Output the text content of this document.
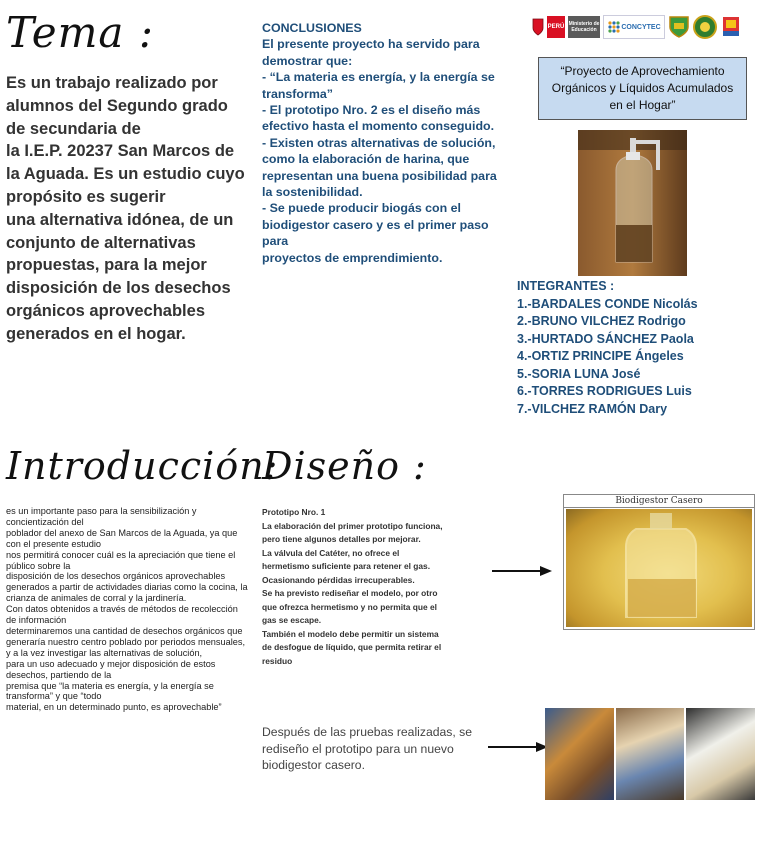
Tema :

Es un trabajo realizado por alumnos del Segundo grado de secundaria de
la I.E.P. 20237 San Marcos de la Aguada. Es un estudio cuyo propósito es sugerir
una alternativa idónea, de un conjunto de alternativas propuestas, para la mejor disposición de los desechos orgánicos aprovechables generados en el hogar.

CONCLUSIONES
El presente proyecto ha servido para demostrar que:
- “La materia es energía, y la energía se transforma”
- El prototipo Nro. 2 es el diseño más efectivo hasta el momento conseguido.
- Existen otras alternativas de solución, como la elaboración de harina, que representan una buena posibilidad para la sostenibilidad.
- Se puede producir biogás con el biodigestor casero y es el primer paso para
proyectos de emprendimiento.
PERÚ Ministerio de Educación	CONCYTEC
“Proyecto de Aprovechamiento Orgánicos y Líquidos Acumulados en el Hogar”
INTEGRANTES :
1.-BARDALES CONDE Nicolás
2.-BRUNO VILCHEZ Rodrigo
3.-HURTADO SÁNCHEZ Paola
4.-ORTIZ PRINCIPE Ángeles
5.-SORIA LUNA José
6.-TORRES RODRIGUES Luis
7.-VILCHEZ RAMÓN Dary
Introducción:

es un importante paso para la sensibilización y concientización del
poblador del anexo de San Marcos de la Aguada, ya que con el presente estudio
nos permitirá conocer cuál es la apreciación que tiene el público sobre la
disposición de los desechos orgánicos aprovechables generados a partir de actividades diarias como la cocina, la crianza de animales de corral y la jardinería.
Con datos obtenidos a través de métodos de recolección de información
determinaremos una cantidad de desechos orgánicos que generaría nuestro centro poblado por periodos mensuales, y a la vez investigar las alternativas de solución,
para un uso adecuado y mejor disposición de estos desechos, partiendo de la
premisa que “la materia es energía, y la energía se transforma” y que “todo
material, en un determinado punto, es aprovechable”

Diseño :

Prototipo Nro. 1
La elaboración del primer prototipo funciona, pero tiene algunos detalles por mejorar.
La válvula del Catéter, no ofrece el hermetismo suficiente para retener el gas.
Ocasionando pérdidas irrecuperables.
Se ha previsto rediseñar el modelo, por otro que ofrezca hermetismo y no permita que el gas se escape.
También el modelo debe permitir un sistema de desfogue de líquido, que permita retirar el residuo

Después de las pruebas realizadas, se rediseño el prototipo para un nuevo biodigestor casero.

Biodigestor Casero
